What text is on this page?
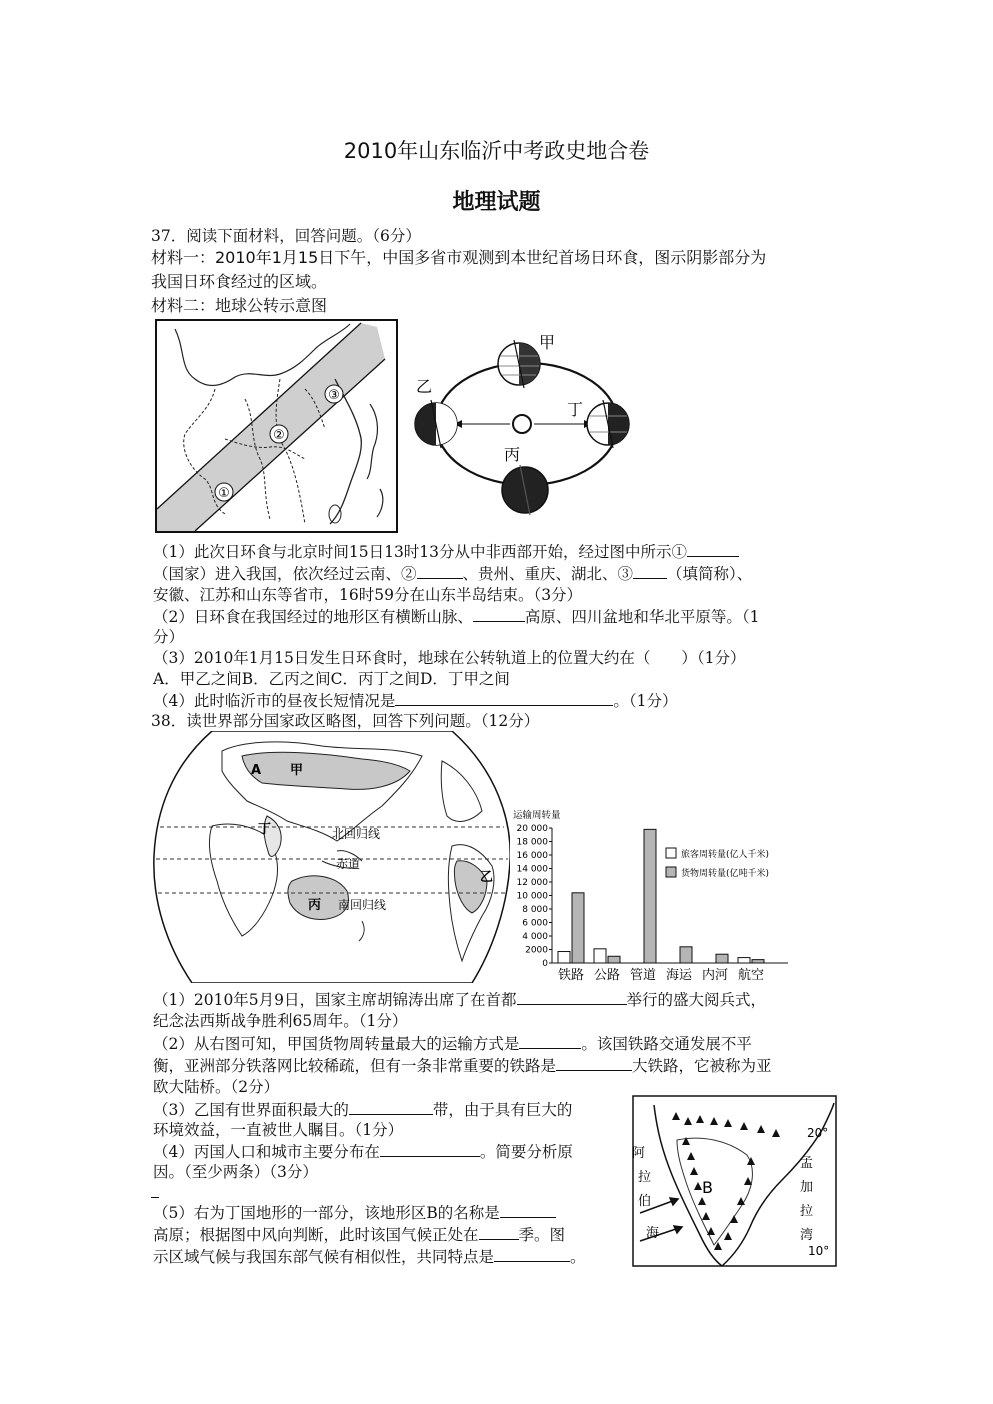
2010年山东临沂中考政史地合卷
地理试题
37．阅读下面材料，回答问题。（6分）
材料一：2010年1月15日下午，中国多省市观测到本世纪首场日环食，图示阴影部分为
我国日环食经过的区域。
材料二：地球公转示意图
①
②
③
甲
乙
丁
丙
（1）此次日环食与北京时间15日13时13分从中非西部开始，经过图中所示①
（国家）进入我国，依次经过云南、②	、贵州、重庆、湖北、③ （填简称）、
安徽、江苏和山东等省市，16时59分在山东半岛结束。（3分）
（2）日环食在我国经过的地形区有横断山脉、	高原、四川盆地和华北平原等。（1
分）
（3）2010年1月15日发生日环食时，地球在公转轨道上的位置大约在（　　）（1分）
A．甲乙之间B．乙丙之间C．丙丁之间D．丁甲之间
（4）此时临沂市的昼夜长短情况是	。（1分）
38．读世界部分国家政区略图，回答下列问题。（12分）
A 甲
丁	北回归线
赤道
丙 南回归线
乙
运输周转量
20 000
18 000
16 000
14 000
12 000
10 000
8 000
6 000
4 000
2000
0
铁路 公路 管道 海运 内河 航空
旅客周转量(亿人千米)
货物周转量(亿吨千米)
（1）2010年5月9日，国家主席胡锦涛出席了在首都	举行的盛大阅兵式，
纪念法西斯战争胜利65周年。（1分）
（2）从右图可知，甲国货物周转量最大的运输方式是	。该国铁路交通发展不平
衡，亚洲部分铁落网比较稀疏，但有一条非常重要的铁路是	大铁路，它被称为亚
欧大陆桥。（2分）
（3）乙国有世界面积最大的	带，由于具有巨大的
环境效益，一直被世人瞩目。（1分）
（4）丙国人口和城市主要分布在	。简要分析原
因。（至少两条）（3分）
（5）右为丁国地形的一部分，该地形区B的名称是
高原；根据图中风向判断，此时该国气候正处在	季。图
示区域气候与我国东部气候有相似性，共同特点是	。
阿
拉
伯
海
孟
加
拉
湾
B
20°
10°
